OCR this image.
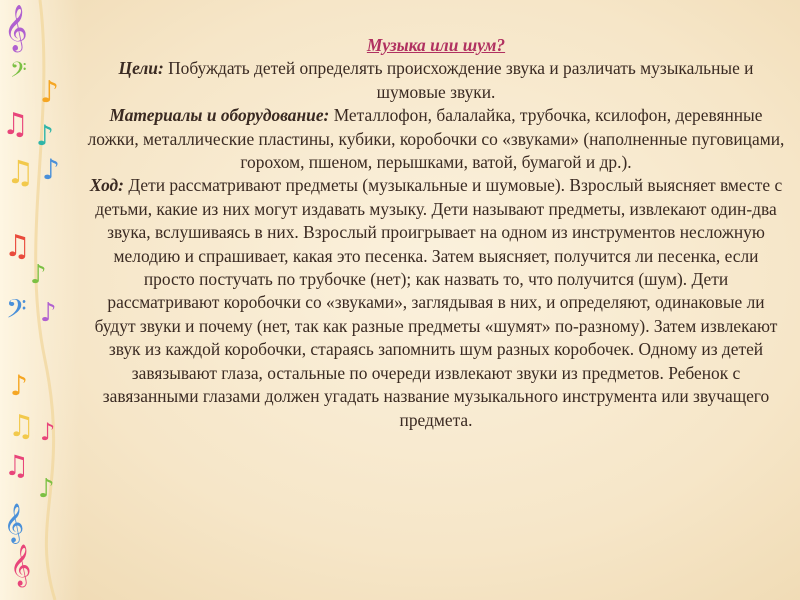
𝄞
𝄢
♪
♫ ♪
♫ ♪
♫
♪
𝄢 ♪
♪
♫ ♪
♫
♪
𝄞
𝄞
Музыка или шум?
Цели: Побуждать детей определять происхождение звука и различать музыкальные и шумовые звуки.
Материалы и оборудование: Металлофон, балалайка, трубочка, ксилофон, деревянные ложки, металлические пластины, кубики, коробочки со «звуками» (наполненные пуговицами, горохом, пшеном, перышками, ватой, бумагой и др.).
Ход: Дети рассматривают предметы (музыкальные и шумовые). Взрослый выясняет вместе с детьми, какие из них могут издавать музыку. Дети называют предметы, извлекают один-два звука, вслушиваясь в них. Взрослый проигрывает на одном из инструментов несложную мелодию и спрашивает, какая это песенка. Затем выясняет, получится ли песенка, если просто постучать по трубочке (нет); как назвать то, что получится (шум). Дети рассматривают коробочки со «звуками», заглядывая в них, и определяют, одинаковые ли будут звуки и почему (нет, так как разные предметы «шумят» по-разному). Затем извлекают звук из каждой коробочки, стараясь запомнить шум разных коробочек. Одному из детей завязывают глаза, остальные по очереди извлекают звуки из предметов. Ребенок с завязанными глазами должен угадать название музыкального инструмента или звучащего предмета.
